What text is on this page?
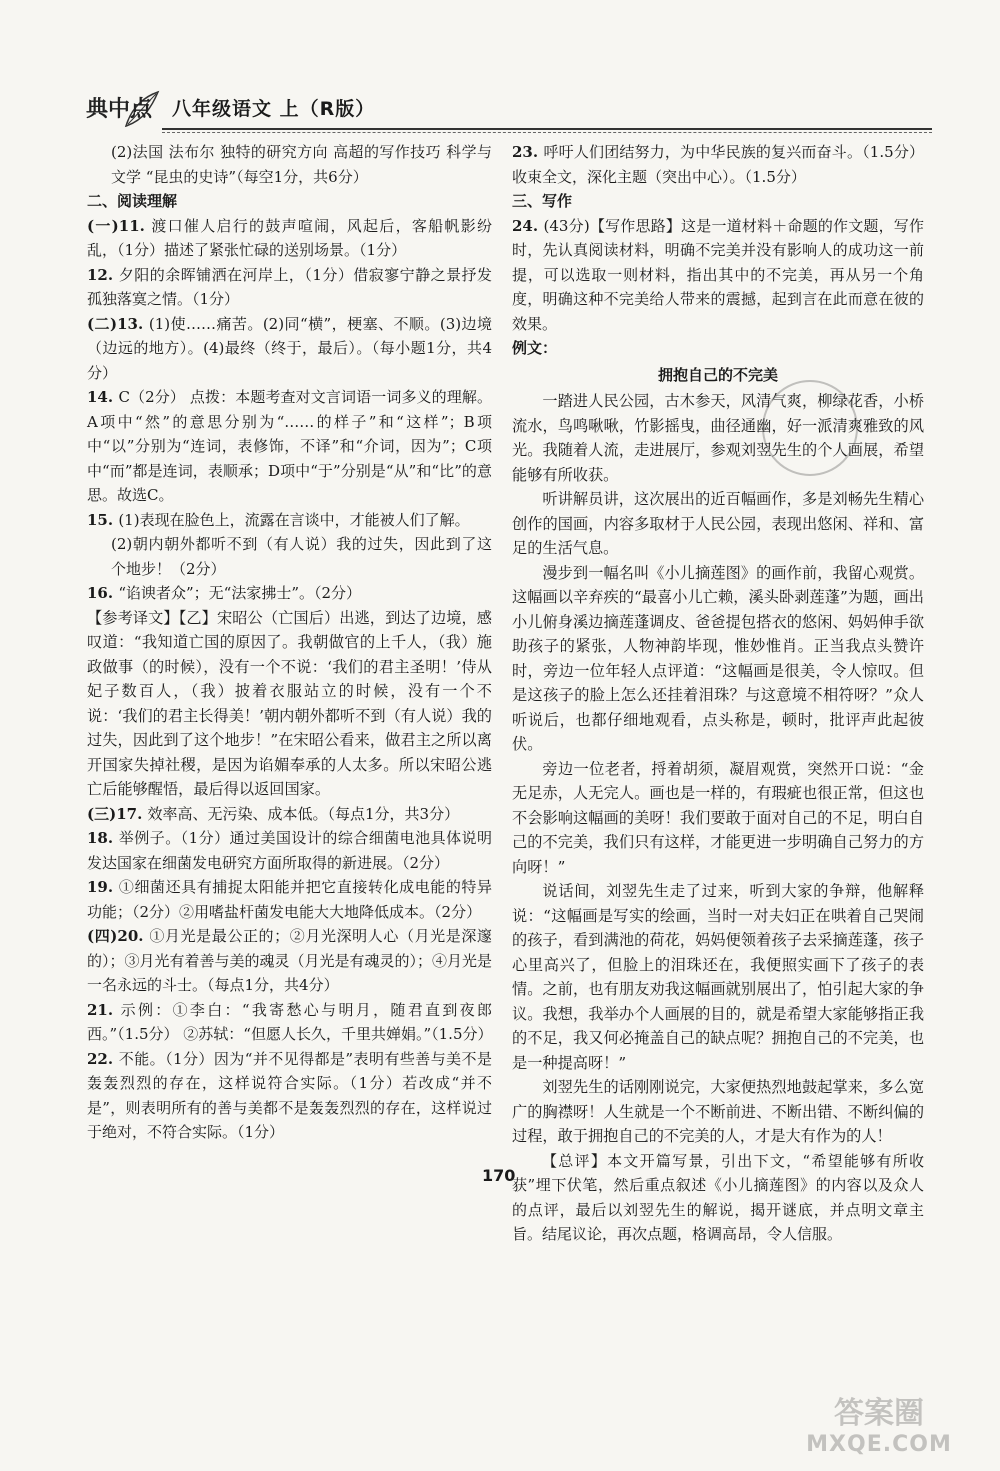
典中点 八年级语文 上（R版）

(2)法国 法布尔 独特的研究方向 高超的写作技巧 科学与文学 “昆虫的史诗”（每空1分，共6分）

二、阅读理解

(一)11. 渡口催人启行的鼓声喧闹，风起后，客船帆影纷乱，（1分）描述了紧张忙碌的送别场景。（1分）

12. 夕阳的余晖铺洒在河岸上，（1分）借寂寥宁静之景抒发孤独落寞之情。（1分）

(二)13. (1)使……痛苦。(2)同“横”，梗塞、不顺。(3)边境（边远的地方）。(4)最终（终于，最后）。（每小题1分，共4分）

14. C（2分） 点拨：本题考查对文言词语一词多义的理解。A项中“然”的意思分别为“……的样子”和“这样”；B项中“以”分别为“连词，表修饰，不译”和“介词，因为”；C项中“而”都是连词，表顺承；D项中“于”分别是“从”和“比”的意思。故选C。

15. (1)表现在脸色上，流露在言谈中，才能被人们了解。

(2)朝内朝外都听不到（有人说）我的过失，因此到了这个地步！（2分）

16. “谄谀者众”；无“法家拂士”。（2分）

【参考译文】【乙】宋昭公（亡国后）出逃，到达了边境，感叹道：“我知道亡国的原因了。我朝做官的上千人，（我）施政做事（的时候），没有一个不说：‘我们的君主圣明！’侍从妃子数百人，（我）披着衣服站立的时候，没有一个不说：‘我们的君主长得美！’朝内朝外都听不到（有人说）我的过失，因此到了这个地步！”在宋昭公看来，做君主之所以离开国家失掉社稷，是因为谄媚奉承的人太多。所以宋昭公逃亡后能够醒悟，最后得以返回国家。

(三)17. 效率高、无污染、成本低。（每点1分，共3分）

18. 举例子。（1分）通过美国设计的综合细菌电池具体说明发达国家在细菌发电研究方面所取得的新进展。（2分）

19. ①细菌还具有捕捉太阳能并把它直接转化成电能的特异功能；（2分）②用嗜盐杆菌发电能大大地降低成本。（2分）

(四)20. ①月光是最公正的；②月光深明人心（月光是深邃的）；③月光有着善与美的魂灵（月光是有魂灵的）；④月光是一名永远的斗士。（每点1分，共4分）

21. 示例：①李白：“我寄愁心与明月，随君直到夜郎西。”（1.5分） ②苏轼：“但愿人长久，千里共婵娟。”（1.5分）

22. 不能。（1分）因为“并不见得都是”表明有些善与美不是轰轰烈烈的存在，这样说符合实际。（1分）若改成“并不是”，则表明所有的善与美都不是轰轰烈烈的存在，这样说过于绝对，不符合实际。（1分）

23. 呼吁人们团结努力，为中华民族的复兴而奋斗。（1.5分）收束全文，深化主题（突出中心）。（1.5分）

三、写作

24. (43分)【写作思路】这是一道材料＋命题的作文题，写作时，先认真阅读材料，明确不完美并没有影响人的成功这一前提，可以选取一则材料，指出其中的不完美，再从另一个角度，明确这种不完美给人带来的震撼，起到言在此而意在彼的效果。

例文：

拥抱自己的不完美

一踏进人民公园，古木参天，风清气爽，柳绿花香，小桥流水，鸟鸣啾啾，竹影摇曳，曲径通幽，好一派清爽雅致的风光。我随着人流，走进展厅，参观刘翌先生的个人画展，希望能够有所收获。

听讲解员讲，这次展出的近百幅画作，多是刘畅先生精心创作的国画，内容多取材于人民公园，表现出悠闲、祥和、富足的生活气息。

漫步到一幅名叫《小儿摘莲图》的画作前，我留心观赏。这幅画以辛弃疾的“最喜小儿亡赖，溪头卧剥莲蓬”为题，画出小儿俯身溪边摘莲蓬调皮、爸爸提包搭衣的悠闲、妈妈伸手欲助孩子的紧张，人物神韵毕现，惟妙惟肖。正当我点头赞许时，旁边一位年轻人点评道：“这幅画是很美，令人惊叹。但是这孩子的脸上怎么还挂着泪珠？与这意境不相符呀？”众人听说后，也都仔细地观看，点头称是，顿时，批评声此起彼伏。

旁边一位老者，捋着胡须，凝眉观赏，突然开口说：“金无足赤，人无完人。画也是一样的，有瑕疵也很正常，但这也不会影响这幅画的美呀！我们要敢于面对自己的不足，明白自己的不完美，我们只有这样，才能更进一步明确自己努力的方向呀！”

说话间，刘翌先生走了过来，听到大家的争辩，他解释说：“这幅画是写实的绘画，当时一对夫妇正在哄着自己哭闹的孩子，看到满池的荷花，妈妈便领着孩子去采摘莲蓬，孩子心里高兴了，但脸上的泪珠还在，我便照实画下了孩子的表情。之前，也有朋友劝我这幅画就别展出了，怕引起大家的争议。我想，我举办个人画展的目的，就是希望大家能够指正我的不足，我又何必掩盖自己的缺点呢？拥抱自己的不完美，也是一种提高呀！”

刘翌先生的话刚刚说完，大家便热烈地鼓起掌来，多么宽广的胸襟呀！人生就是一个不断前进、不断出错、不断纠偏的过程，敢于拥抱自己的不完美的人，才是大有作为的人！

【总评】本文开篇写景，引出下文，“希望能够有所收获”埋下伏笔，然后重点叙述《小儿摘莲图》的内容以及众人的点评，最后以刘翌先生的解说，揭开谜底，并点明文章主旨。结尾议论，再次点题，格调高昂，令人信服。

170
答案圈
MXQE.COM
